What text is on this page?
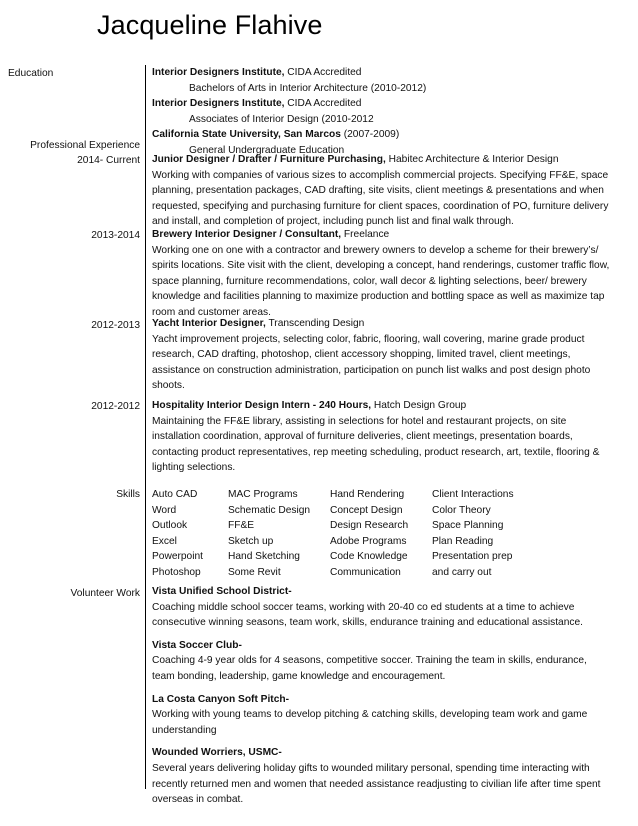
Jacqueline Flahive
Education
Professional Experience
2014- Current
2013-2014
2012-2013
2012-2012
Skills
Volunteer Work
Interior Designers Institute, CIDA Accredited
Bachelors of Arts in Interior Architecture (2010-2012)
Interior Designers Institute, CIDA Accredited
Associates of Interior Design (2010-2012
California State University, San Marcos (2007-2009)
General Undergraduate Education
Junior Designer / Drafter / Furniture Purchasing, Habitec Architecture & Interior Design

Working with companies of various sizes to accomplish commercial projects. Specifying FF&E, space planning, presentation packages, CAD drafting, site visits, client meetings & presentations and when requested, specifying and purchasing furniture for client spaces, coordination of PO, furniture delivery and install, and completion of project, including punch list and final walk through.
Brewery Interior Designer / Consultant, Freelance

Working one on one with a contractor and brewery owners to develop a scheme for their brewery’s/ spirits locations. Site visit with the client, developing a concept, hand renderings, customer traffic flow, space planning, furniture recommendations, color, wall decor & lighting selections, beer/ brewery knowledge and facilities planning to maximize production and bottling space as well as maximize tap room and customer areas.
Yacht Interior Designer, Transcending Design

Yacht improvement projects, selecting color, fabric, flooring, wall covering, marine grade product research, CAD drafting, photoshop, client accessory shopping, limited travel, client meetings, assistance on construction administration, participation on punch list walks and post design photo shoots.
Hospitality Interior Design Intern - 240 Hours, Hatch Design Group

Maintaining the FF&E library, assisting in selections for hotel and restaurant projects, on site installation coordination, approval of furniture deliveries, client meetings, presentation boards, contacting product representatives, rep meeting scheduling, product research, art, textile, flooring & lighting selections.
Auto CAD
Word
Outlook
Excel
Powerpoint
Photoshop
MAC Programs
Schematic Design
FF&E
Sketch up
Hand Sketching
Some Revit
Hand Rendering
Concept Design
Design Research
Adobe Programs
Code Knowledge
Communication
Client Interactions
Color Theory
Space Planning
Plan Reading
Presentation prep
and carry out
Vista Unified School District-
Coaching middle school soccer teams, working with 20-40 co ed students at a time to achieve consecutive winning seasons, team work, skills, endurance training and educational assistance.
Vista Soccer Club-
Coaching 4-9 year olds for 4 seasons, competitive soccer. Training the team in skills, endurance, team bonding, leadership, game knowledge and encouragement.
La Costa Canyon Soft Pitch-
Working with young teams to develop pitching & catching skills, developing team work and game understanding
Wounded Worriers, USMC-
Several years delivering holiday gifts to wounded military personal, spending time interacting with recently returned men and women that needed assistance readjusting to civilian life after time spent overseas in combat.
